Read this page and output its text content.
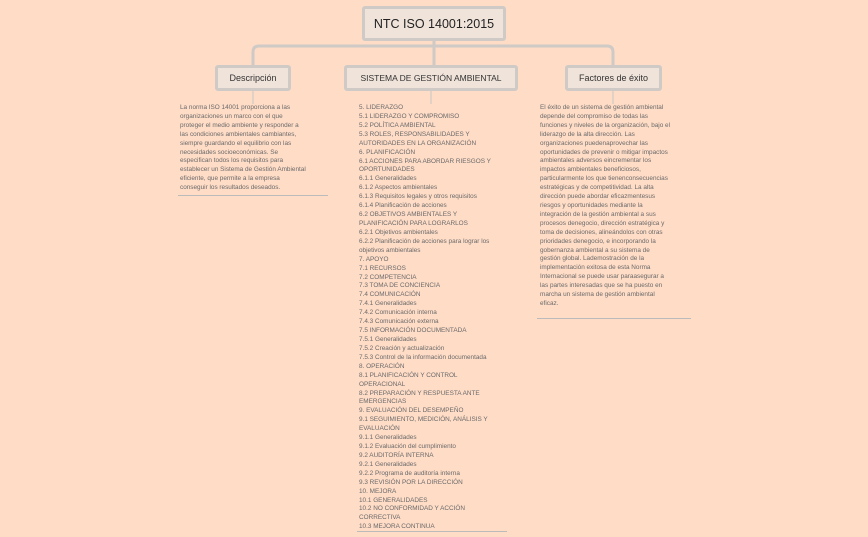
NTC ISO 14001:2015
Descripción	SISTEMA DE GESTIÓN AMBIENTAL	Factores de éxito
La norma ISO 14001 proporciona a las
organizaciones un marco con el que
proteger el medio ambiente y responder a
las condiciones ambientales cambiantes,
siempre guardando el equilibrio con las
necesidades socioeconómicas. Se
especifican todos los requisitos para
establecer un Sistema de Gestión Ambiental
eficiente, que permite a la empresa
conseguir los resultados deseados.
5. LIDERAZGO
5.1 LIDERAZGO Y COMPROMISO
5.2 POLÍTICA AMBIENTAL
5.3 ROLES, RESPONSABILIDADES Y
AUTORIDADES EN LA ORGANIZACIÓN
6. PLANIFICACIÓN
6.1 ACCIONES PARA ABORDAR RIESGOS Y
OPORTUNIDADES
6.1.1 Generalidades
6.1.2 Aspectos ambientales
6.1.3 Requisitos legales y otros requisitos
6.1.4 Planificación de acciones
6.2 OBJETIVOS AMBIENTALES Y
PLANIFICACIÓN PARA LOGRARLOS
6.2.1 Objetivos ambientales
6.2.2 Planificación de acciones para lograr los
objetivos ambientales
7. APOYO
7.1 RECURSOS
7.2 COMPETENCIA
7.3 TOMA DE CONCIENCIA
7.4 COMUNICACIÓN
7.4.1 Generalidades
7.4.2 Comunicación interna
7.4.3 Comunicación externa
7.5 INFORMACIÓN DOCUMENTADA
7.5.1 Generalidades
7.5.2 Creación y actualización
7.5.3 Control de la información documentada
8. OPERACIÓN
8.1 PLANIFICACIÓN Y CONTROL
OPERACIONAL
8.2 PREPARACIÓN Y RESPUESTA ANTE
EMERGENCIAS
9. EVALUACIÓN DEL DESEMPEÑO
9.1 SEGUIMIENTO, MEDICIÓN, ANÁLISIS Y
EVALUACIÓN
9.1.1 Generalidades
9.1.2 Evaluación del cumplimiento
9.2 AUDITORÍA INTERNA
9.2.1 Generalidades
9.2.2 Programa de auditoría interna
9.3 REVISIÓN POR LA DIRECCIÓN
10. MEJORA
10.1 GENERALIDADES
10.2 NO CONFORMIDAD Y ACCIÓN
CORRECTIVA
10.3 MEJORA CONTINUA
El éxito de un sistema de gestión ambiental
depende del compromiso de todas las
funciones y niveles de la organización, bajo el
liderazgo de la alta dirección. Las
organizaciones puedenaprovechar las
oportunidades de prevenir o mitigar impactos
ambientales adversos eincrementar los
impactos ambientales beneficiosos,
particularmente los que tienenconsecuencias
estratégicas y de competitividad. La alta
dirección puede abordar eficazmentesus
riesgos y oportunidades mediante la
integración de la gestión ambiental a sus
procesos denegocio, dirección estratégica y
toma de decisiones, alineándolos con otras
prioridades denegocio, e incorporando la
gobernanza ambiental a su sistema de
gestión global. Lademostración de la
implementación exitosa de esta Norma
Internacional se puede usar paraasegurar a
las partes interesadas que se ha puesto en
marcha un sistema de gestión ambiental
eficaz.
